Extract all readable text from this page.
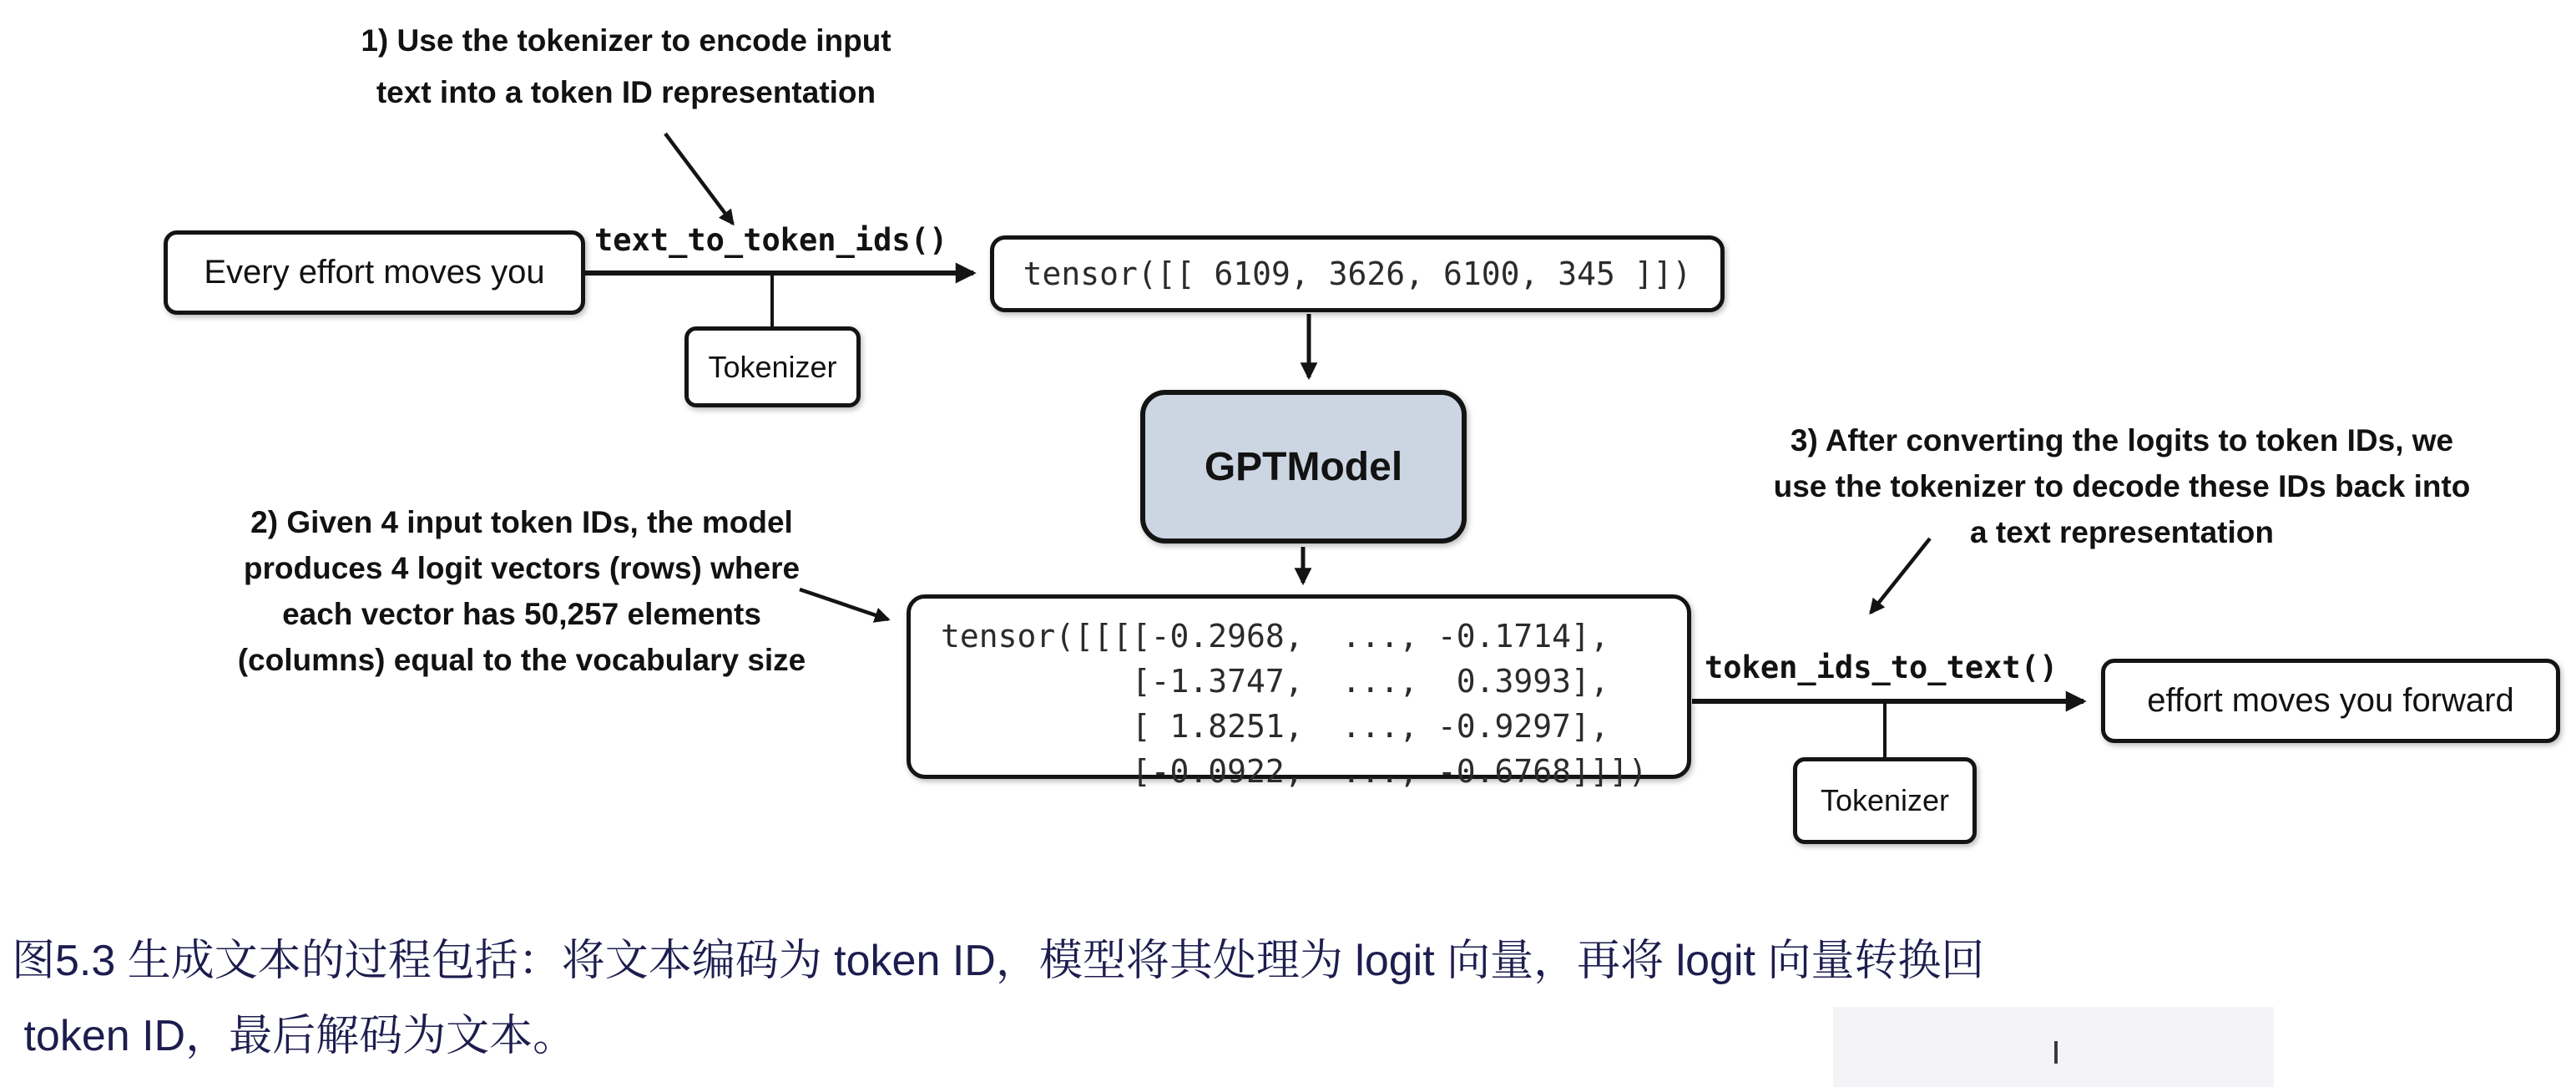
1) Use the tokenizer to encode input
text into a token ID representation
Every effort moves you
text_to_token_ids()
Tokenizer
tensor([[ 6109, 3626, 6100, 345 ]])
GPTModel
2) Given 4 input token IDs, the model
produces 4 logit vectors (rows) where
each vector has 50,257 elements
(columns) equal to the vocabulary size
tensor([[[[-0.2968,  ..., -0.1714],
[-1.3747,  ...,  0.3993],
[ 1.8251,  ..., -0.9297],
[-0.0922,  ..., -0.6768]]])
3) After converting the logits to token IDs, we
use the tokenizer to decode these IDs back into
a text representation
token_ids_to_text()
effort moves you forward
Tokenizer
图5.3 生成文本的过程包括：将文本编码为 token ID，模型将其处理为 logit 向量，再将 logit 向量转换回
token ID，最后解码为文本。
